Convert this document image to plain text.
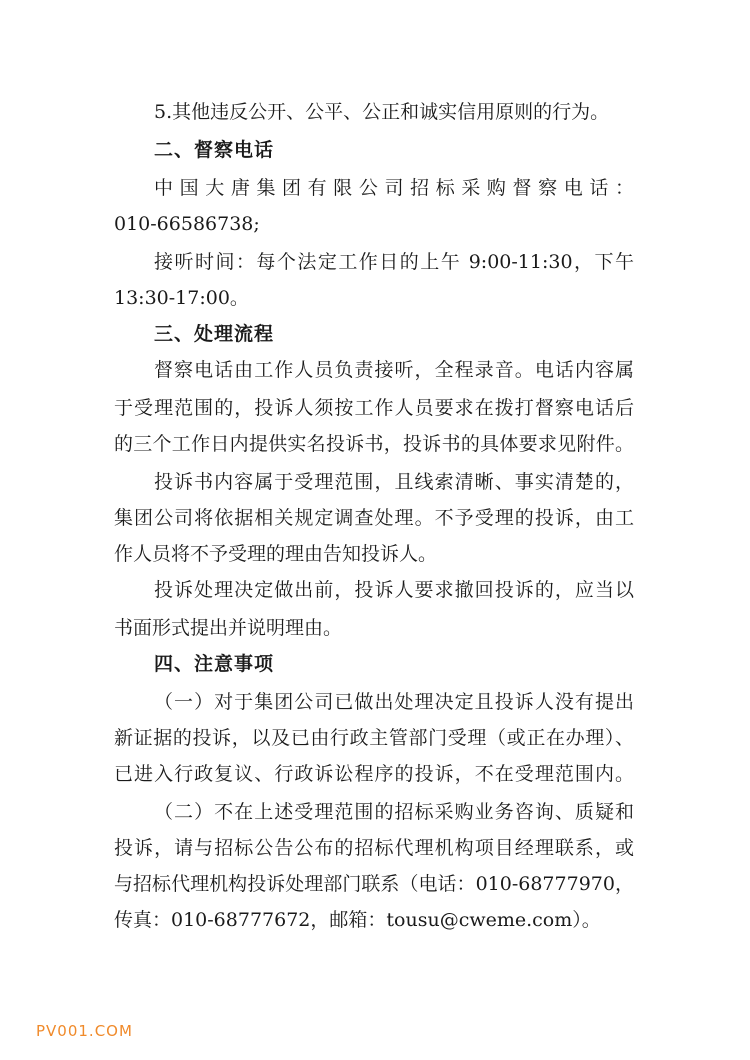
5.其他违反公开、公平、公正和诚实信用原则的行为。
二、督察电话
中国大唐集团有限公司招标采购督察电话：
010-66586738;
接听时间：每个法定工作日的上午 9:00-11:30，下午
13:30-17:00。
三、处理流程
督察电话由工作人员负责接听，全程录音。电话内容属
于受理范围的，投诉人须按工作人员要求在拨打督察电话后
的三个工作日内提供实名投诉书，投诉书的具体要求见附件。
投诉书内容属于受理范围，且线索清晰、事实清楚的，
集团公司将依据相关规定调查处理。不予受理的投诉，由工
作人员将不予受理的理由告知投诉人。
投诉处理决定做出前，投诉人要求撤回投诉的，应当以
书面形式提出并说明理由。
四、注意事项
（一）对于集团公司已做出处理决定且投诉人没有提出
新证据的投诉，以及已由行政主管部门受理（或正在办理）、
已进入行政复议、行政诉讼程序的投诉，不在受理范围内。
（二）不在上述受理范围的招标采购业务咨询、质疑和
投诉，请与招标公告公布的招标代理机构项目经理联系，或
与招标代理机构投诉处理部门联系（电话：010-68777970，
传真：010-68777672，邮箱：tousu@cweme.com）。
PV001.COM
